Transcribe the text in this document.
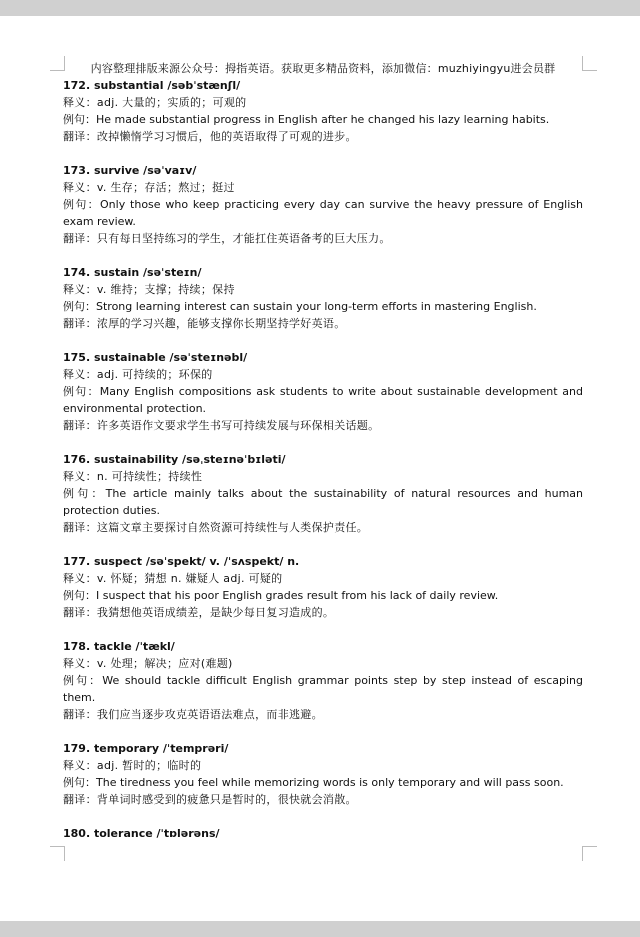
内容整理排版来源公众号：拇指英语。获取更多精品资料，添加微信：muzhiyingyu进会员群
172. substantial /səbˈstænʃl/
释义：adj. 大量的；实质的；可观的
例句：He made substantial progress in English after he changed his lazy learning habits.
翻译：改掉懒惰学习习惯后，他的英语取得了可观的进步。
173. survive /səˈvaɪv/
释义：v. 生存；存活；熬过；挺过
例句：Only those who keep practicing every day can survive the heavy pressure of English exam review.
翻译：只有每日坚持练习的学生，才能扛住英语备考的巨大压力。
174. sustain /səˈsteɪn/
释义：v. 维持；支撑；持续；保持
例句：Strong learning interest can sustain your long-term efforts in mastering English.
翻译：浓厚的学习兴趣，能够支撑你长期坚持学好英语。
175. sustainable /səˈsteɪnəbl/
释义：adj. 可持续的；环保的
例句：Many English compositions ask students to write about sustainable development and environmental protection.
翻译：许多英语作文要求学生书写可持续发展与环保相关话题。
176. sustainability /səˌsteɪnəˈbɪləti/
释义：n. 可持续性；持续性
例句：The article mainly talks about the sustainability of natural resources and human protection duties.
翻译：这篇文章主要探讨自然资源可持续性与人类保护责任。
177. suspect /səˈspekt/ v. /ˈsʌspekt/ n.
释义：v. 怀疑；猜想 n. 嫌疑人 adj. 可疑的
例句：I suspect that his poor English grades result from his lack of daily review.
翻译：我猜想他英语成绩差，是缺少每日复习造成的。
178. tackle /ˈtækl/
释义：v. 处理；解决；应对(难题)
例句：We should tackle difficult English grammar points step by step instead of escaping them.
翻译：我们应当逐步攻克英语语法难点，而非逃避。
179. temporary /ˈtemprəri/
释义：adj. 暂时的；临时的
例句：The tiredness you feel while memorizing words is only temporary and will pass soon.
翻译：背单词时感受到的疲惫只是暂时的，很快就会消散。
180. tolerance /ˈtɒlərəns/
